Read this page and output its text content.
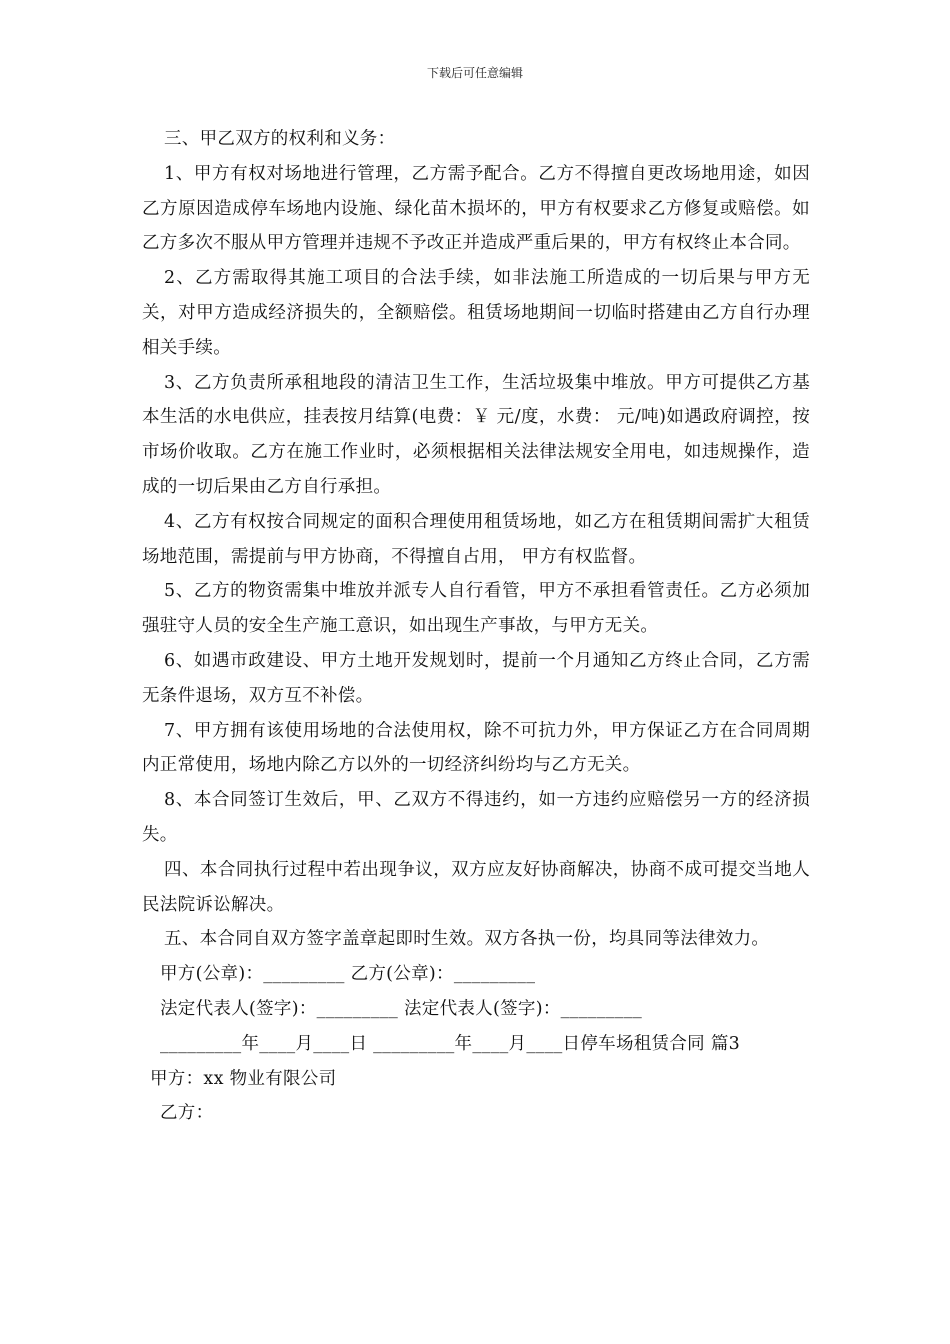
下载后可任意编辑

三、甲乙双方的权利和义务：

1、甲方有权对场地进行管理，乙方需予配合。乙方不得擅自更改场地用途，如因乙方原因造成停车场地内设施、绿化苗木损坏的，甲方有权要求乙方修复或赔偿。如乙方多次不服从甲方管理并违规不予改正并造成严重后果的，甲方有权终止本合同。

2、乙方需取得其施工项目的合法手续，如非法施工所造成的一切后果与甲方无关，对甲方造成经济损失的，全额赔偿。租赁场地期间一切临时搭建由乙方自行办理相关手续。

3、乙方负责所承租地段的清洁卫生工作，生活垃圾集中堆放。甲方可提供乙方基本生活的水电供应，挂表按月结算(电费：￥ 元/度，水费： 元/吨)如遇政府调控，按市场价收取。乙方在施工作业时，必须根据相关法律法规安全用电，如违规操作，造成的一切后果由乙方自行承担。

4、乙方有权按合同规定的面积合理使用租赁场地，如乙方在租赁期间需扩大租赁场地范围，需提前与甲方协商，不得擅自占用， 甲方有权监督。

5、乙方的物资需集中堆放并派专人自行看管，甲方不承担看管责任。乙方必须加强驻守人员的安全生产施工意识，如出现生产事故，与甲方无关。

6、如遇市政建设、甲方土地开发规划时，提前一个月通知乙方终止合同，乙方需无条件退场，双方互不补偿。

7、甲方拥有该使用场地的合法使用权，除不可抗力外，甲方保证乙方在合同周期内正常使用，场地内除乙方以外的一切经济纠纷均与乙方无关。

8、本合同签订生效后，甲、乙双方不得违约，如一方违约应赔偿另一方的经济损失。

四、本合同执行过程中若出现争议，双方应友好协商解决，协商不成可提交当地人民法院诉讼解决。

五、本合同自双方签字盖章起即时生效。双方各执一份，均具同等法律效力。

甲方(公章)：_________ 乙方(公章)：_________

法定代表人(签字)：_________ 法定代表人(签字)：_________

_________年____月____日 _________年____月____日停车场租赁合同 篇3

甲方：xx 物业有限公司

乙方：
